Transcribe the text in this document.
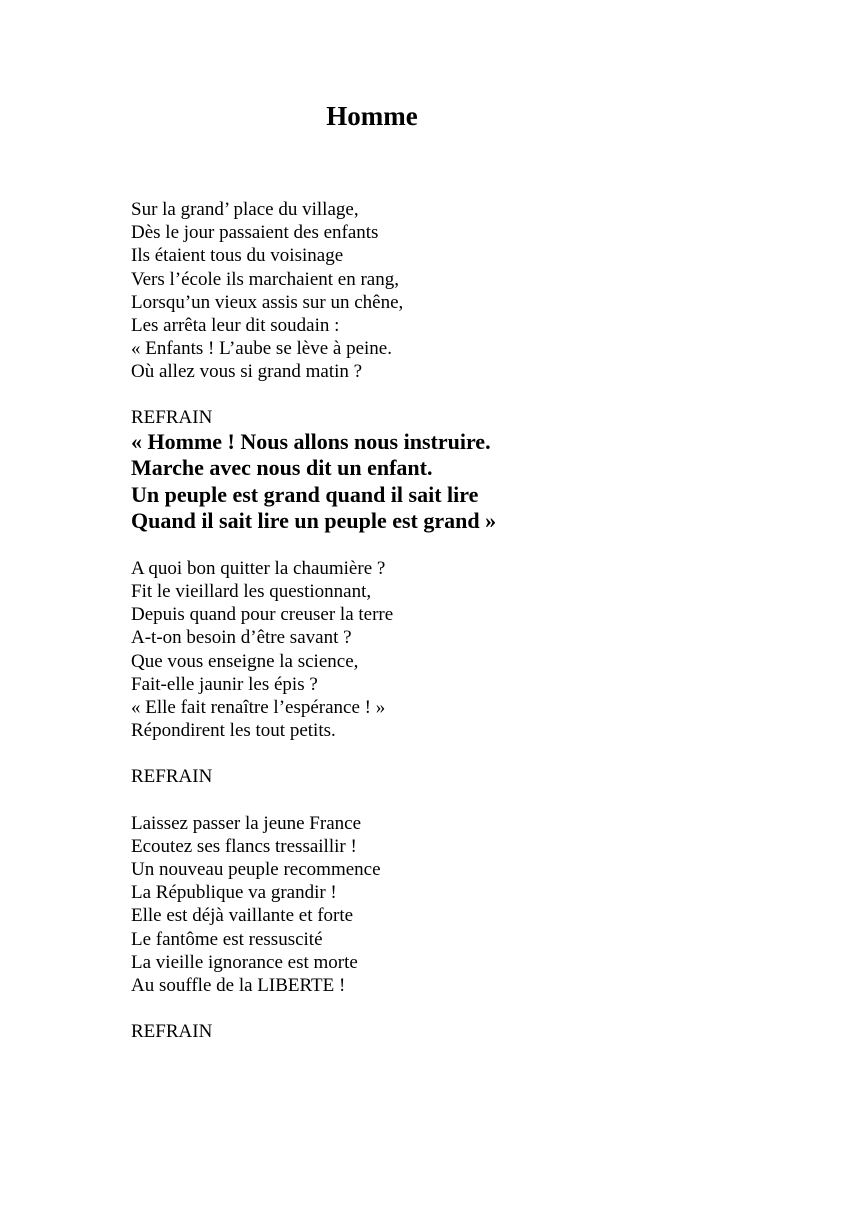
Homme
Sur la grand’ place du village,
Dès le jour passaient des enfants
Ils étaient tous du voisinage
Vers l’école ils marchaient en rang,
Lorsqu’un vieux assis sur un chêne,
Les arrêta leur dit soudain :
« Enfants ! L’aube se lève à peine.
Où allez vous si grand matin ?
REFRAIN
« Homme ! Nous allons nous instruire.
Marche avec nous dit un enfant.
Un peuple est grand quand il sait lire
Quand il sait lire un peuple est grand »
A quoi bon quitter la chaumière ?
Fit le vieillard les questionnant,
Depuis quand pour creuser la terre
A-t-on besoin d’être savant ?
Que vous enseigne la science,
Fait-elle jaunir les épis ?
« Elle fait renaître l’espérance ! »
Répondirent les tout petits.
REFRAIN
Laissez passer la jeune France
Ecoutez ses flancs tressaillir !
Un nouveau peuple recommence
La République va grandir !
Elle est déjà vaillante et forte
Le fantôme est ressuscité
La vieille ignorance est morte
Au souffle de la LIBERTE !
REFRAIN
